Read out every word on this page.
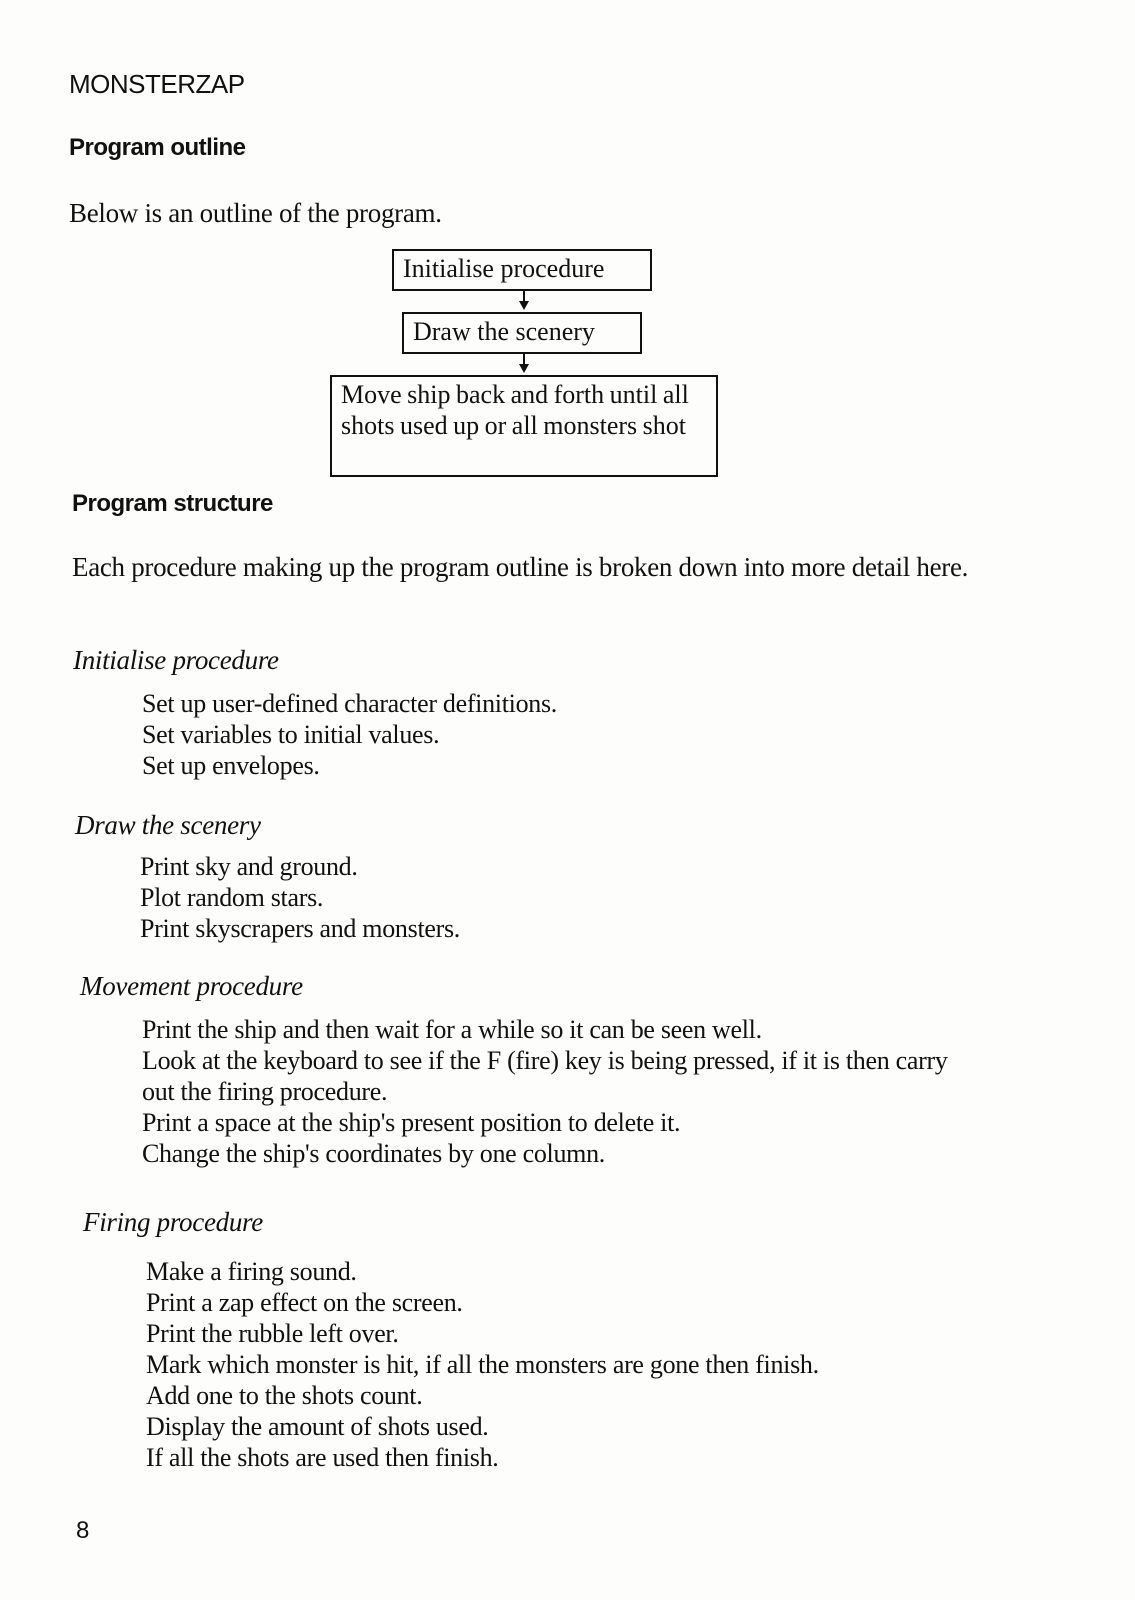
MONSTERZAP
Program outline
Below is an outline of the program.
Initialise procedure
Draw the scenery
Move ship back and forth until all shots used up or all monsters shot
Program structure
Each procedure making up the program outline is broken down into more detail here.
Initialise procedure
Set up user-defined character definitions.
Set variables to initial values.
Set up envelopes.
Draw the scenery
Print sky and ground.
Plot random stars.
Print skyscrapers and monsters.
Movement procedure
Print the ship and then wait for a while so it can be seen well.
Look at the keyboard to see if the F (fire) key is being pressed, if it is then carry out the firing procedure.
Print a space at the ship's present position to delete it.
Change the ship's coordinates by one column.
Firing procedure
Make a firing sound.
Print a zap effect on the screen.
Print the rubble left over.
Mark which monster is hit, if all the monsters are gone then finish.
Add one to the shots count.
Display the amount of shots used.
If all the shots are used then finish.
8
